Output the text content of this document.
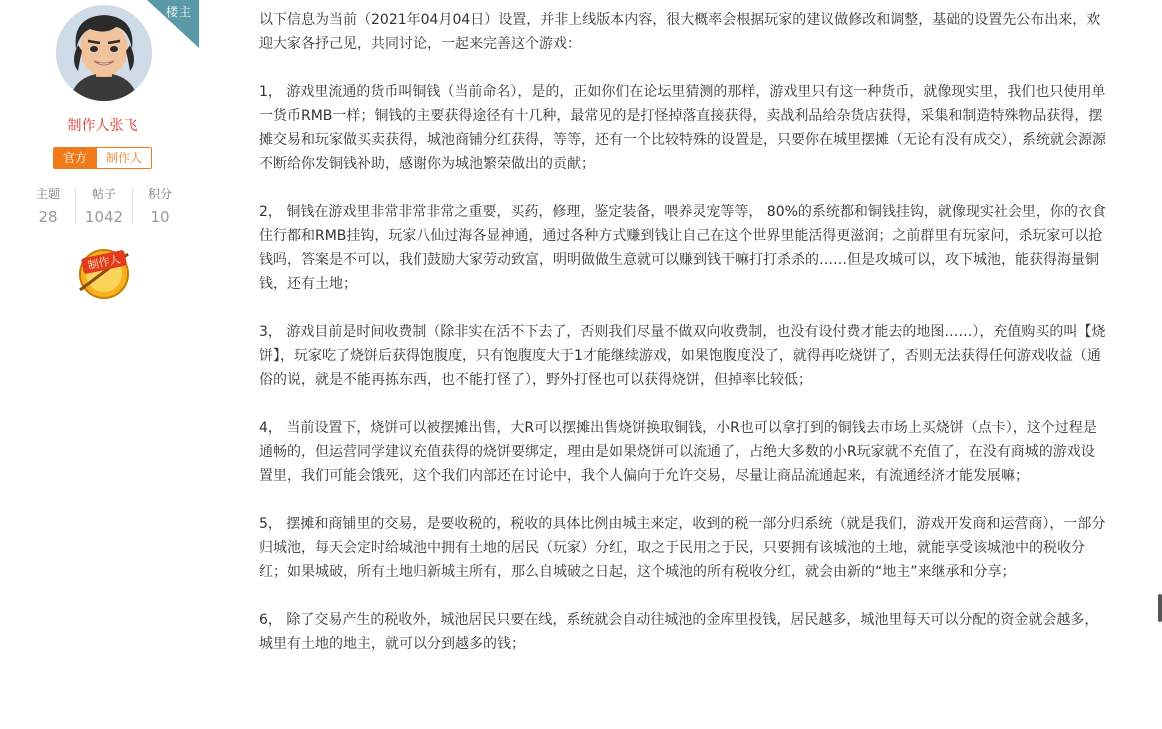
楼主
制作人张飞
官方 制作人
主题
28
帖子
1042
积分
10
制作人

以下信息为当前（2021年04月04日）设置，并非上线版本内容，很大概率会根据玩家的建议做修改和调整，基础的设置先公布出来，欢迎大家各抒己见，共同讨论，一起来完善这个游戏：

1， 游戏里流通的货币叫铜钱（当前命名），是的，正如你们在论坛里猜测的那样，游戏里只有这一种货币，就像现实里，我们也只使用单一货币RMB一样；铜钱的主要获得途径有十几种，最常见的是打怪掉落直接获得，卖战利品给杂货店获得，采集和制造特殊物品获得，摆摊交易和玩家做买卖获得，城池商铺分红获得，等等，还有一个比较特殊的设置是，只要你在城里摆摊（无论有没有成交），系统就会源源不断给你发铜钱补助，感谢你为城池繁荣做出的贡献；

2， 铜钱在游戏里非常非常非常之重要，买药，修理，鉴定装备，喂养灵宠等等， 80%的系统都和铜钱挂钩，就像现实社会里，你的衣食住行都和RMB挂钩，玩家八仙过海各显神通，通过各种方式赚到钱让自己在这个世界里能活得更滋润；之前群里有玩家问，杀玩家可以抢钱吗，答案是不可以，我们鼓励大家劳动致富，明明做做生意就可以赚到钱干嘛打打杀杀的……但是攻城可以，攻下城池，能获得海量铜钱，还有土地；

3， 游戏目前是时间收费制（除非实在活不下去了，否则我们尽量不做双向收费制，也没有设付费才能去的地图……），充值购买的叫【烧饼】，玩家吃了烧饼后获得饱腹度，只有饱腹度大于1才能继续游戏，如果饱腹度没了，就得再吃烧饼了，否则无法获得任何游戏收益（通俗的说，就是不能再拣东西，也不能打怪了），野外打怪也可以获得烧饼，但掉率比较低；

4， 当前设置下，烧饼可以被摆摊出售，大R可以摆摊出售烧饼换取铜钱，小R也可以拿打到的铜钱去市场上买烧饼（点卡），这个过程是通畅的，但运营同学建议充值获得的烧饼要绑定，理由是如果烧饼可以流通了，占绝大多数的小R玩家就不充值了，在没有商城的游戏设置里，我们可能会饿死，这个我们内部还在讨论中，我个人偏向于允许交易，尽量让商品流通起来，有流通经济才能发展嘛；

5， 摆摊和商铺里的交易，是要收税的，税收的具体比例由城主来定，收到的税一部分归系统（就是我们，游戏开发商和运营商），一部分归城池，每天会定时给城池中拥有土地的居民（玩家）分红，取之于民用之于民，只要拥有该城池的土地，就能享受该城池中的税收分红；如果城破，所有土地归新城主所有，那么自城破之日起，这个城池的所有税收分红，就会由新的“地主”来继承和分享；

6， 除了交易产生的税收外，城池居民只要在线，系统就会自动往城池的金库里投钱，居民越多，城池里每天可以分配的资金就会越多，城里有土地的地主，就可以分到越多的钱；
